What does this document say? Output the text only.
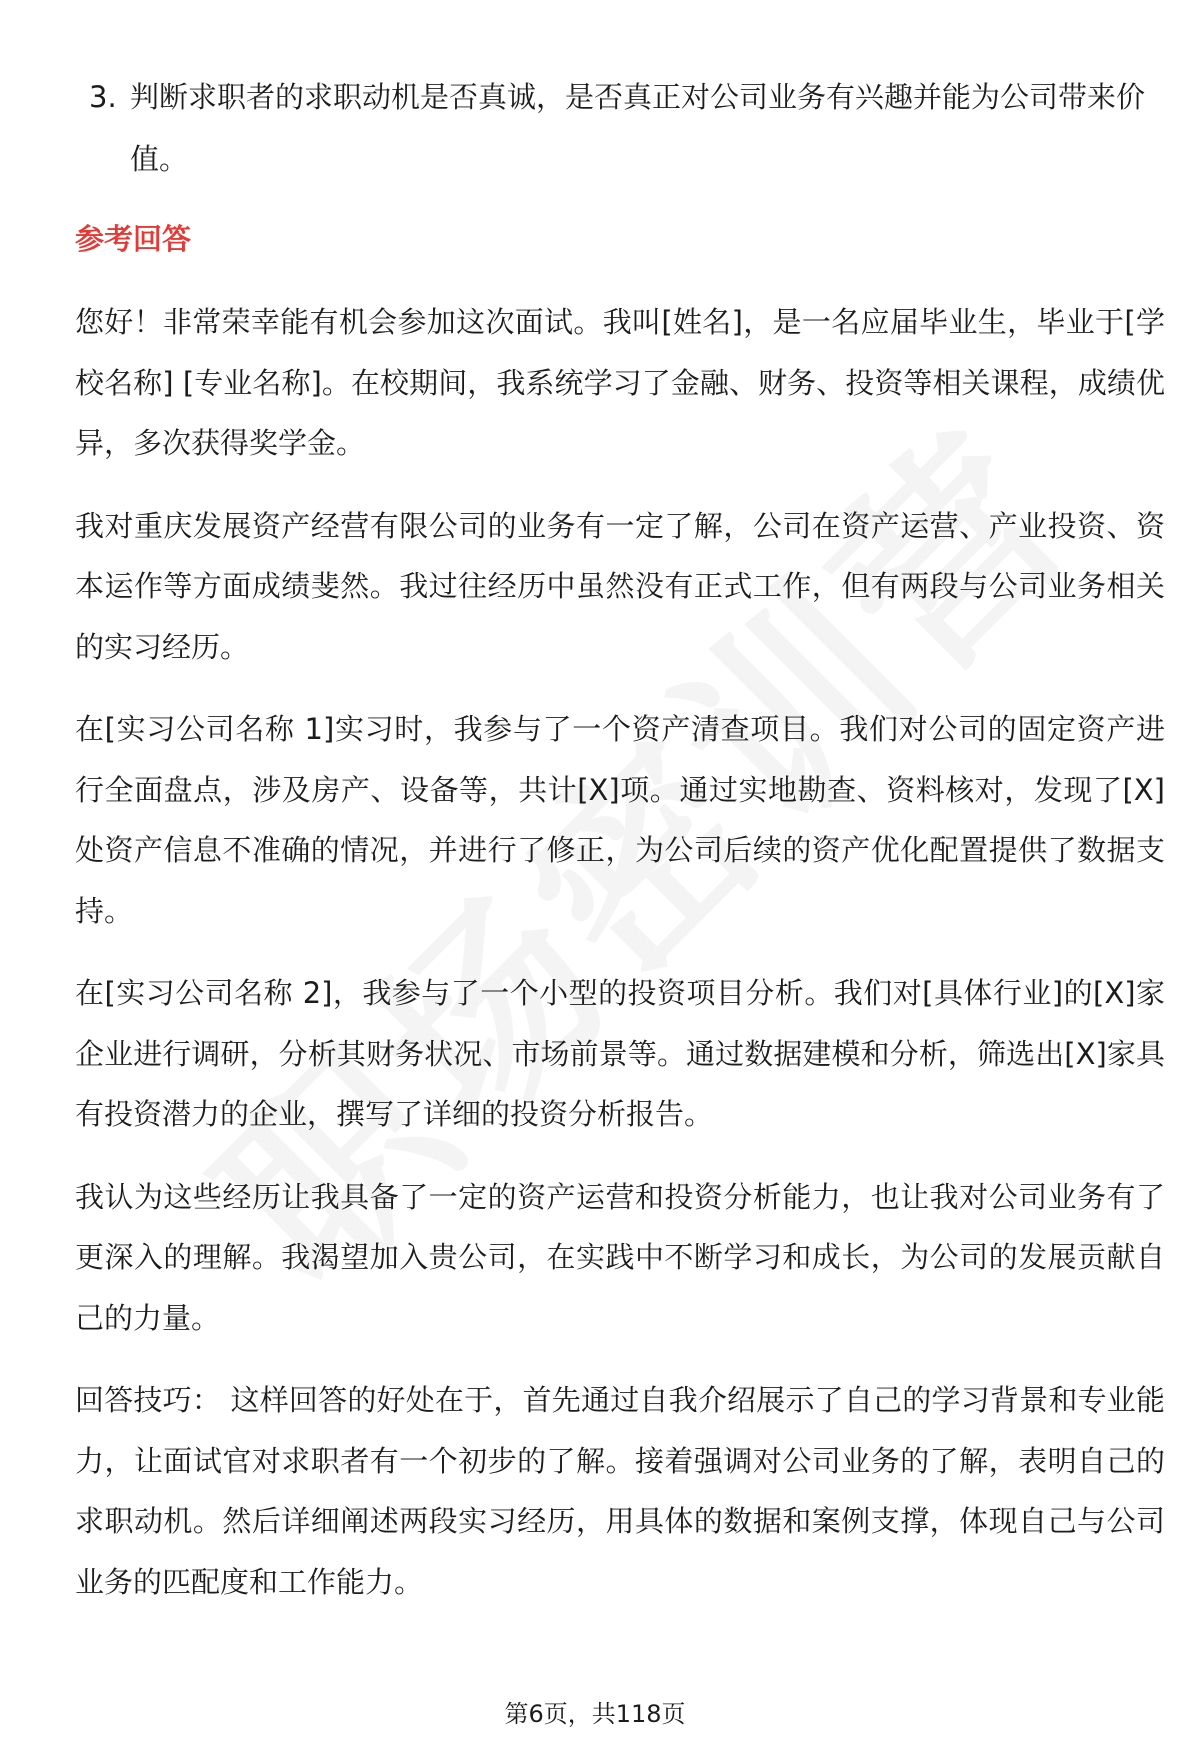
3. 判断求职者的求职动机是否真诚，是否真正对公司业务有兴趣并能为公司带来价值。

参考回答

您好！非常荣幸能有机会参加这次面试。我叫[姓名]，是一名应届毕业生，毕业于[学校名称] [专业名称]。在校期间，我系统学习了金融、财务、投资等相关课程，成绩优异，多次获得奖学金。

我对重庆发展资产经营有限公司的业务有一定了解，公司在资产运营、产业投资、资本运作等方面成绩斐然。我过往经历中虽然没有正式工作，但有两段与公司业务相关的实习经历。

在[实习公司名称 1]实习时，我参与了一个资产清查项目。我们对公司的固定资产进行全面盘点，涉及房产、设备等，共计[X]项。通过实地勘查、资料核对，发现了[X]处资产信息不准确的情况，并进行了修正，为公司后续的资产优化配置提供了数据支持。

在[实习公司名称 2]，我参与了一个小型的投资项目分析。我们对[具体行业]的[X]家企业进行调研，分析其财务状况、市场前景等。通过数据建模和分析，筛选出[X]家具有投资潜力的企业，撰写了详细的投资分析报告。

我认为这些经历让我具备了一定的资产运营和投资分析能力，也让我对公司业务有了更深入的理解。我渴望加入贵公司，在实践中不断学习和成长，为公司的发展贡献自己的力量。

回答技巧： 这样回答的好处在于，首先通过自我介绍展示了自己的学习背景和专业能力，让面试官对求职者有一个初步的了解。接着强调对公司业务的了解，表明自己的求职动机。然后详细阐述两段实习经历，用具体的数据和案例支撑，体现自己与公司业务的匹配度和工作能力。

第6页，共118页
